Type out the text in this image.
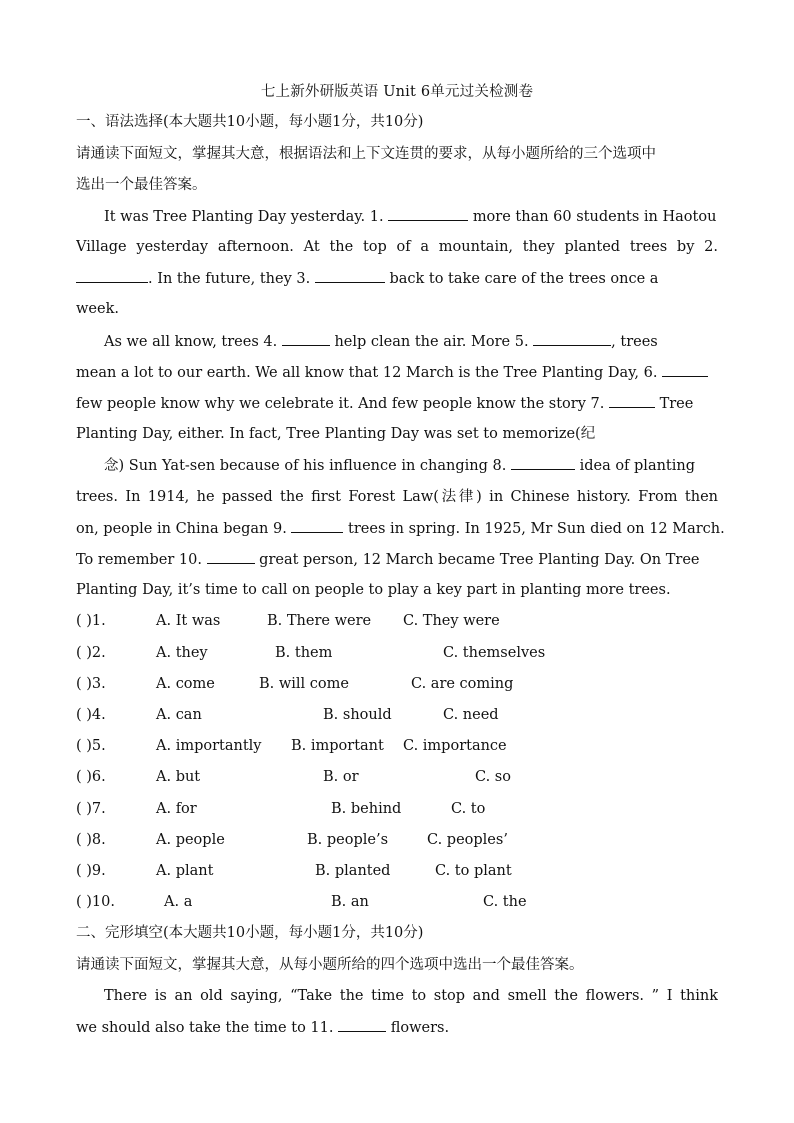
七上新外研版英语 Unit 6单元过关检测卷
一、语法选择(本大题共10小题，每小题1分，共10分)
请通读下面短文，掌握其大意，根据语法和上下文连贯的要求，从每小题所给的三个选项中
选出一个最佳答案。
It was Tree Planting Day yesterday. 1.	more than 60 students in Haotou
Village yesterday afternoon. At the top of a mountain, they planted trees by 2.
. In the future, they 3.	back to take care of the trees once a
week.
As we all know, trees 4.	help clean the air. More 5.	, trees
mean a lot to our earth. We all know that 12 March is the Tree Planting Day, 6.
few people know why we celebrate it. And few people know the story 7.	Tree
Planting Day, either. In fact, Tree Planting Day was set to memorize(纪
念) Sun Yat-sen because of his influence in changing 8.	idea of planting
trees. In 1914, he passed the first Forest Law(法律) in Chinese history. From then
on, people in China began 9.	trees in spring. In 1925, Mr Sun died on 12 March.
To remember 10.	great person, 12 March became Tree Planting Day. On Tree
Planting Day, it’s time to call on people to play a key part in planting more trees.
( )1.	A. It was	B. There were C. They were
( )2.	A. they	B. them	C. themselves
( )3.	A. come	B. will come	C. are coming
( )4.	A. can	B. should	C. need
( )5.	A. importantly B. important C. importance
( )6.	A. but	B. or	C. so
( )7.	A. for	B. behind	C. to
( )8.	A. people	B. people’s	C. peoples’
( )9.	A. plant	B. planted	C. to plant
( )10.	A. a	B. an	C. the
二、完形填空(本大题共10小题，每小题1分，共10分)
请通读下面短文，掌握其大意，从每小题所给的四个选项中选出一个最佳答案。
There is an old saying, “Take the time to stop and smell the flowers. ” I think
we should also take the time to 11.	flowers.
